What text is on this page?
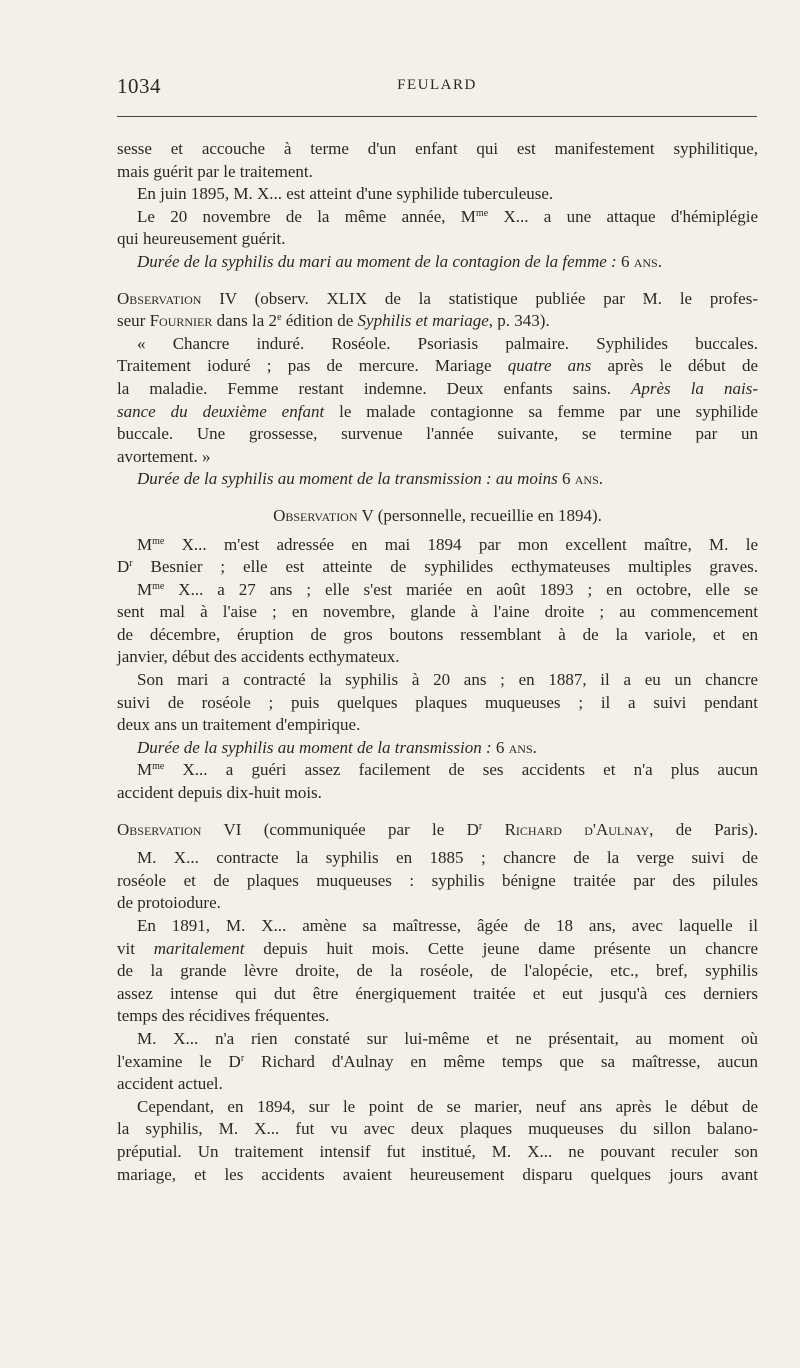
1034	FEULARD
sesse et accouche à terme d'un enfant qui est manifestement syphilitique,
mais guérit par le traitement.
En juin 1895, M. X... est atteint d'une syphilide tuberculeuse.
Le 20 novembre de la même année, $M^{me}$ X... a une attaque d'hémiplégie
qui heureusement guérit.
Durée de la syphilis du mari au moment de la contagion de la femme : 6 ans.
Observation IV (observ. XLIX de la statistique publiée par M. le profes-
seur Fournier dans la 2e édition de Syphilis et mariage, p. 343).
« Chancre induré. Roséole. Psoriasis palmaire. Syphilides buccales.
Traitement ioduré ; pas de mercure. Mariage quatre ans après le début de
la maladie. Femme restant indemne. Deux enfants sains. Après la nais-
sance du deuxième enfant le malade contagionne sa femme par une syphilide
buccale. Une grossesse, survenue l'année suivante, se termine par un
avortement. »
Durée de la syphilis au moment de la transmission : au moins 6 ans.
Observation V (personnelle, recueillie en 1894).
$M^{me}$ X... m'est adressée en mai 1894 par mon excellent maître, M. le
$D^r$ Besnier ; elle est atteinte de syphilides ecthymateuses multiples graves.
$M^{me}$ X... a 27 ans ; elle s'est mariée en août 1893 ; en octobre, elle se
sent mal à l'aise ; en novembre, glande à l'aine droite ; au commencement
de décembre, éruption de gros boutons ressemblant à de la variole, et en
janvier, début des accidents ecthymateux.
Son mari a contracté la syphilis à 20 ans ; en 1887, il a eu un chancre
suivi de roséole ; puis quelques plaques muqueuses ; il a suivi pendant
deux ans un traitement d'empirique.
Durée de la syphilis au moment de la transmission : 6 ans.
$M^{me}$ X... a guéri assez facilement de ses accidents et n'a plus aucun
accident depuis dix-huit mois.
Observation VI (communiquée par le $D^r$ Richard d'Aulnay, de Paris).
M. X... contracte la syphilis en 1885 ; chancre de la verge suivi de
roséole et de plaques muqueuses : syphilis bénigne traitée par des pilules
de protoiodure.
En 1891, M. X... amène sa maîtresse, âgée de 18 ans, avec laquelle il
vit maritalement depuis huit mois. Cette jeune dame présente un chancre
de la grande lèvre droite, de la roséole, de l'alopécie, etc., bref, syphilis
assez intense qui dut être énergiquement traitée et eut jusqu'à ces derniers
temps des récidives fréquentes.
M. X... n'a rien constaté sur lui-même et ne présentait, au moment où
l'examine le $D^r$ Richard d'Aulnay en même temps que sa maîtresse, aucun
accident actuel.
Cependant, en 1894, sur le point de se marier, neuf ans après le début de
la syphilis, M. X... fut vu avec deux plaques muqueuses du sillon balano-
préputial. Un traitement intensif fut institué, M. X... ne pouvant reculer son
mariage, et les accidents avaient heureusement disparu quelques jours avant
